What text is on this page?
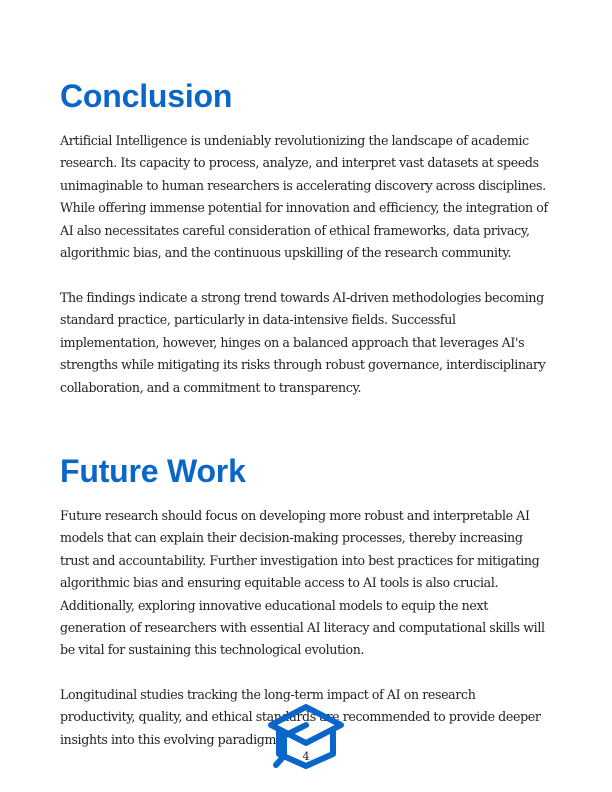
Conclusion

Artificial Intelligence is undeniably revolutionizing the landscape of academic research. Its capacity to process, analyze, and interpret vast datasets at speeds unimaginable to human researchers is accelerating discovery across disciplines. While offering immense potential for innovation and efficiency, the integration of AI also necessitates careful consideration of ethical frameworks, data privacy, algorithmic bias, and the continuous upskilling of the research community.

The findings indicate a strong trend towards AI-driven methodologies becoming standard practice, particularly in data-intensive fields. Successful implementation, however, hinges on a balanced approach that leverages AI's strengths while mitigating its risks through robust governance, interdisciplinary collaboration, and a commitment to transparency.

Future Work

Future research should focus on developing more robust and interpretable AI models that can explain their decision-making processes, thereby increasing trust and accountability. Further investigation into best practices for mitigating algorithmic bias and ensuring equitable access to AI tools is also crucial. Additionally, exploring innovative educational models to equip the next generation of researchers with essential AI literacy and computational skills will be vital for sustaining this technological evolution.

Longitudinal studies tracking the long-term impact of AI on research productivity, quality, and ethical standards are recommended to provide deeper insights into this evolving paradigm.

4
